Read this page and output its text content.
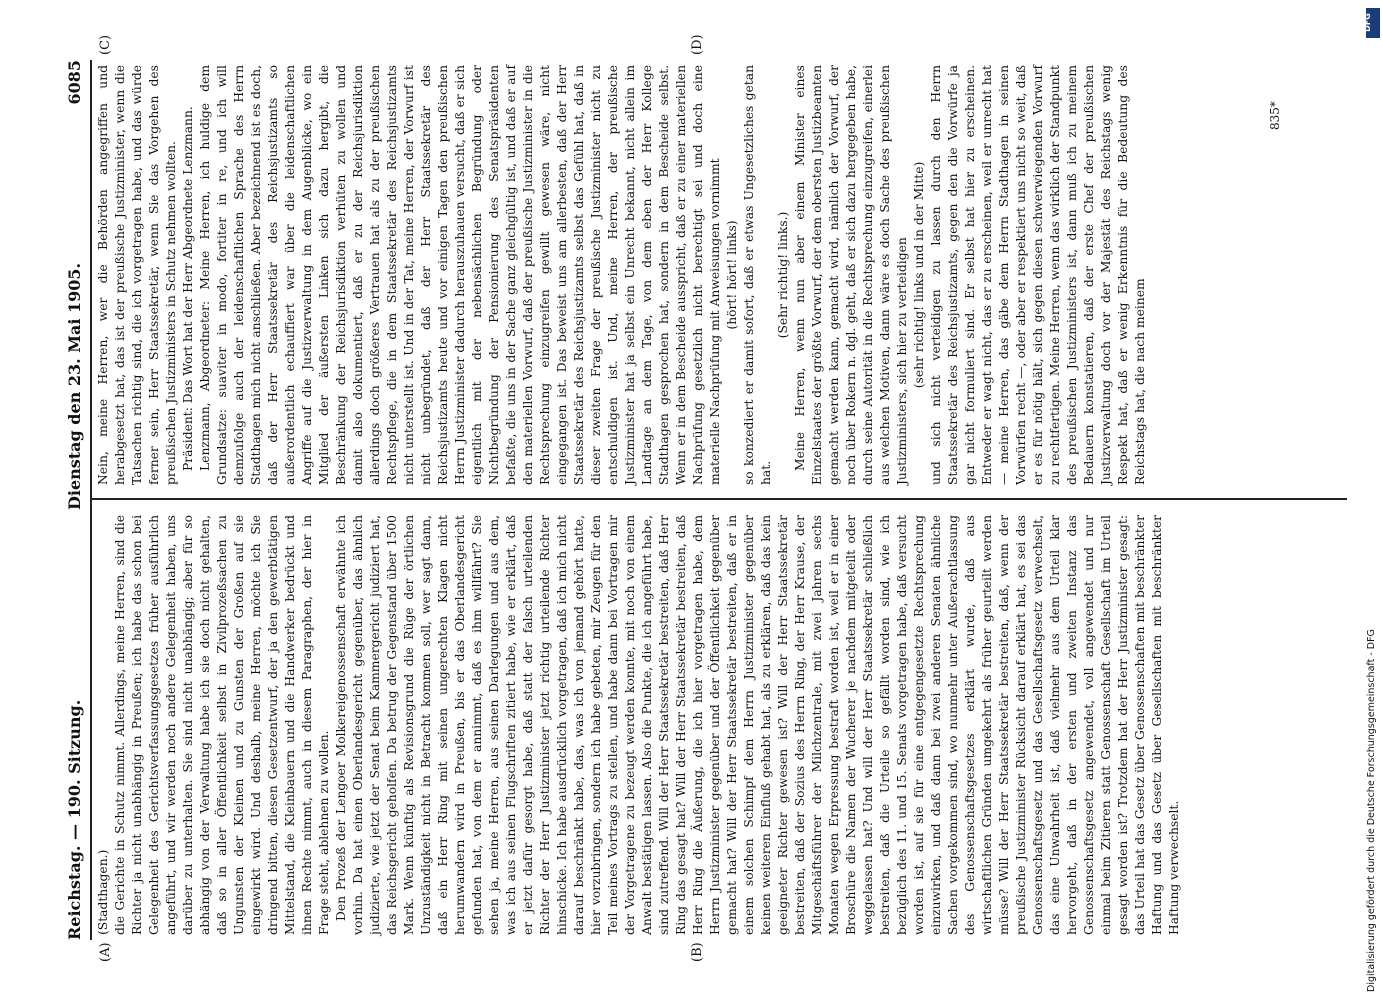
Reichstag. — 190. Sitzung.
Dienstag den 23. Mai 1905.
6085
(A)	(B)
(C)	(D)

(Stadthagen.) die Gerichte in Schutz nimmt. Allerdings, meine Herren, sind die Richter ja nicht unabhängig in Preußen; ich habe das schon bei Gelegenheit des Gerichtsverfassungsgesetzes früher ausführlich angeführt, und wir werden noch andere Gelegenheit haben, uns darüber zu unterhalten. Sie sind nicht unabhängig; aber für so abhängig von der Verwaltung habe ich sie doch nicht gehalten, daß so in aller Öffentlichkeit selbst in Zivilprozeßsachen zu Ungunsten der Kleinen und zu Gunsten der Großen auf sie eingewirkt wird. Und deshalb, meine Herren, möchte ich Sie dringend bitten, diesen Gesetzentwurf, der ja den gewerbtätigen Mittelstand, die Kleinbauern und die Handwerker bedrückt und ihnen Rechte nimmt, auch in diesem Paragraphen, der hier in Frage steht, ablehnen zu wollen. Den Prozeß der Lengoer Molkereigenossenschaft erwähnte ich vorhin. Da hat einen Oberlandesgericht gegenüber, das ähnlich judizierte, wie jetzt der Senat beim Kammergericht judiziert hat, das Reichsgericht geholfen. Da betrug der Gegenstand über 1500 Mark. Wenn künftig als Revisionsgrund die Rüge der örtlichen Unzuständigkeit nicht in Betracht kommen soll, wer sagt dann, daß ein Herr Ring mit seinen ungerechten Klagen nicht herumwandern wird in Preußen, bis er das Oberlandesgericht gefunden hat, von dem er annimmt, daß es ihm willfährt? Sie sehen ja, meine Herren, aus seinen Darlegungen und aus dem, was ich aus seinen Flugschriften zitiert habe, wie er erklärt, daß er jetzt dafür gesorgt habe, daß statt der falsch urteilenden Richter der Herr Justizminister jetzt richtig urteilende Richter hinschicke. Ich habe ausdrücklich vorgetragen, daß ich mich nicht darauf beschränkt habe, das, was ich von jemand gehört hatte, hier vorzubringen, sondern ich habe gebeten, mir Zeugen für den Teil meines Vortrags zu stellen, und habe dann bei Vortragen mir der Vorgetragene zu bezeugt werden konnte, mit noch von einem Anwalt bestätigen lassen. Also die Punkte, die ich angeführt habe, sind zutreffend. Will der Herr Staatssekretär bestreiten, daß Herr Ring das gesagt hat? Will der Herr Staatssekretär bestreiten, daß Herr Ring die Äußerung, die ich hier vorgetragen habe, dem Herrn Justizminister gegenüber und der Öffentlichkeit gegenüber gemacht hat? Will der Herr Staatssekretär bestreiten, daß er in einem solchen Schimpf dem Herrn Justizminister gegenüber keinen weiteren Einfluß gehabt hat, als zu erklären, daß das kein geeigneter Richter gewesen ist? Will der Herr Staatssekretär bestreiten, daß der Sozius des Herrn Ring, der Herr Krause, der Mitgeschäftsführer der Milchzentrale, mit zwei Jahren sechs Monaten wegen Erpressung bestraft worden ist, weil er in einer Broschüre die Namen der Wucherer je nachdem mitgeteilt oder weggelassen hat? Und will der Herr Staatssekretär schließlich bestreiten, daß die Urteile so gefällt worden sind, wie ich bezüglich des 11. und 15. Senats vorgetragen habe, daß versucht worden ist, auf sie für eine entgegengesetzte Rechtsprechung einzuwirken, und daß dann bei zwei anderen Senaten ähnliche Sachen vorgekommen sind, wo nunmehr unter Außerachtlassung des Genossenschaftsgesetzes erklärt wurde, daß aus wirtschaftlichen Gründen umgekehrt als früher geurteilt werden müsse? Will der Herr Staatssekretär bestreiten, daß, wenn der preußische Justizminister Rücksicht darauf erklärt hat, es sei das Genossenschaftsgesetz und das Gesellschaftsgesetz verwechselt, das eine Unwahrheit ist, daß vielmehr aus dem Urteil klar hervorgeht, daß in der ersten und zweiten Instanz das Genossenschaftsgesetz angewendet, voll angewendet und nur einmal beim Zitieren statt Genossenschaft Gesellschaft im Urteil gesagt worden ist? Trotzdem hat der Herr Justizminister gesagt: das Urteil hat das Gesetz über Genossenschaften mit beschränkter Haftung und das Gesetz über Gesellschaften mit beschränkter Haftung verwechselt.

Nein, meine Herren, wer die Behörden angegriffen und herabgesetzt hat, das ist der preußische Justizminister, wenn die Tatsachen richtig sind, die ich vorgetragen habe, und das würde ferner sein, Herr Staatssekretär, wenn Sie das Vorgehen des preußischen Justizministers in Schutz nehmen wollten. Präsident: Das Wort hat der Herr Abgeordnete Lenzmann. Lenzmann, Abgeordneter: Meine Herren, ich huldige dem Grundsatze: suaviter in modo, fortiter in re, und ich will demzufolge auch der leidenschaftlichen Sprache des Herrn Stadthagen mich nicht anschließen. Aber bezeichnend ist es doch, daß der Herr Staatssekretär des Reichsjustizamts so außerordentlich echauffiert war über die leidenschaftlichen Angriffe auf die Justizverwaltung in dem Augenblicke, wo ein Mitglied der äußersten Linken sich dazu hergibt, die Beschränkung der Reichsjurisdiktion verhüten zu wollen und damit also dokumentiert, daß er zu der Reichsjurisdiktion allerdings doch größeres Vertrauen hat als zu der preußischen Rechtspflege, die in dem Staatssekretär des Reichsjustizamts nicht unterstellt ist. Und in der Tat, meine Herren, der Vorwurf ist nicht unbegründet, daß der Herr Staatssekretär des Reichsjustizamts heute und vor einigen Tagen den preußischen Herrn Justizminister dadurch herauszuhauen versucht, daß er sich eigentlich mit der nebensächlichen Begründung oder Nichtbegründung der Pensionierung des Senatspräsidenten befaßte, die uns in der Sache ganz gleichgültig ist, und daß er auf den materiellen Vorwurf, daß der preußische Justizminister in die Rechtsprechung einzugreifen gewillt gewesen wäre, nicht eingegangen ist. Das beweist uns am allerbesten, daß der Herr Staatssekretär des Reichsjustizamts selbst das Gefühl hat, daß in dieser zweiten Frage der preußische Justizminister nicht zu entschuldigen ist. Und, meine Herren, der preußische Justizminister hat ja selbst ein Unrecht bekannt, nicht allein im Landtage an dem Tage, von dem eben der Herr Kollege Stadthagen gesprochen hat, sondern in dem Bescheide selbst. Wenn er in dem Bescheide ausspricht, daß er zu einer materiellen Nachprüfung gesetzlich nicht berechtigt sei und doch eine materielle Nachprüfung mit Anweisungen vornimmt (hört! hört! links) so konzediert er damit sofort, daß er etwas Ungesetzliches getan hat.

(Sehr richtig! links.) Meine Herren, wenn nun aber einem Minister eines Einzelstaates der größte Vorwurf, der dem obersten Justizbeamten gemacht werden kann, gemacht wird, nämlich der Vorwurf, der noch über Rokern n. dgl. geht, daß er sich dazu hergegeben habe, durch seine Autorität in die Rechtsprechung einzugreifen, einerlei aus welchen Motiven, dann wäre es doch Sache des preußischen Justizministers, sich hier zu verteidigen (sehr richtig! links und in der Mitte) und sich nicht verteidigen zu lassen durch den Herrn Staatssekretär des Reichsjustizamts, gegen den die Vorwürfe ja gar nicht formuliert sind. Er selbst hat hier zu erscheinen. Entweder er wagt nicht, das er zu erscheinen, weil er unrecht hat — meine Herren, das gäbe dem Herrn Stadthagen in seinen Vorwürfen recht —, oder aber er respektiert uns nicht so weit, daß er es für nötig hält, sich gegen diesen schwerwiegenden Vorwurf zu rechtfertigen. Meine Herren, wenn das wirklich der Standpunkt des preußischen Justizministers ist, dann muß ich zu meinem Bedauern konstatieren, daß der erste Chef der preußischen Justizverwaltung doch vor der Majestät des Reichstags wenig Respekt hat, daß er wenig Erkenntnis für die Bedeutung des Reichstags hat, die nach meinem

835*
Digitalisierung gefördert durch die Deutsche Forschungsgemeinschaft - DFG
DFG
